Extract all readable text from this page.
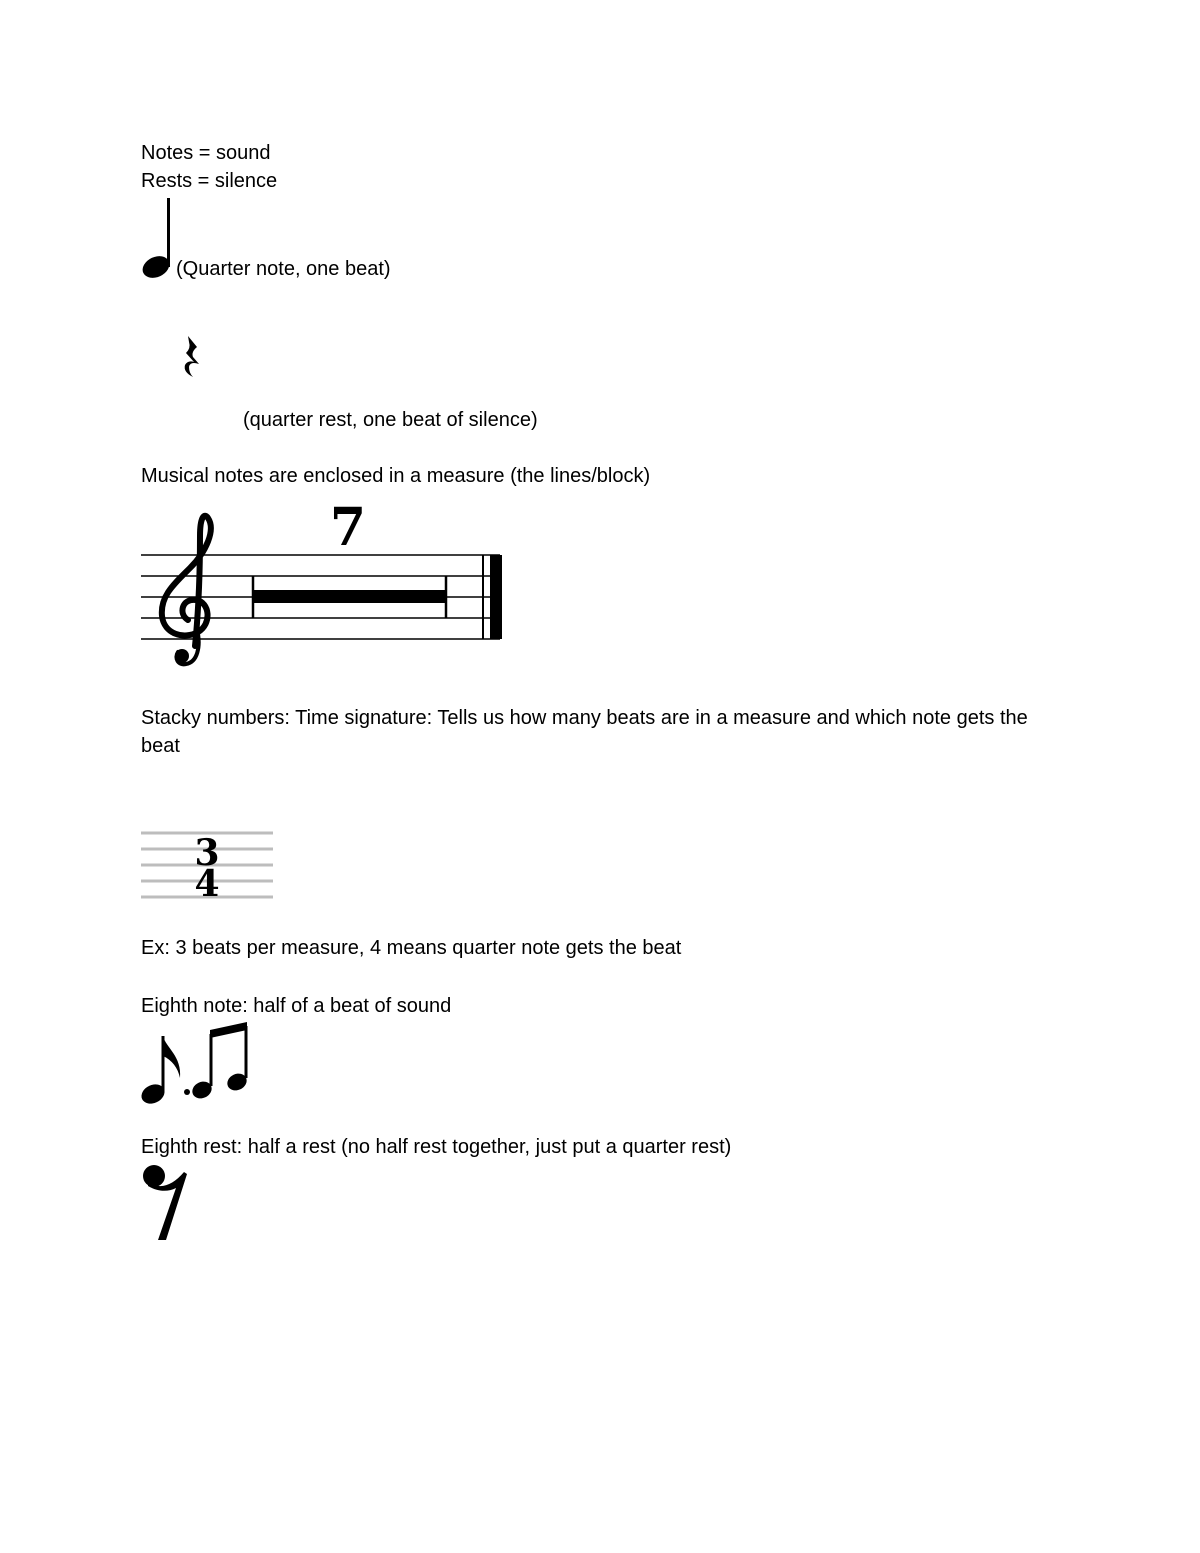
Notes = sound
Rests = silence
(Quarter note, one beat)
(quarter rest, one beat of silence)
Musical notes are enclosed in a measure (the lines/block)
7
Stacky numbers: Time signature: Tells us how many beats are in a measure and which note gets the beat
3
4
Ex: 3 beats per measure, 4 means quarter note gets the beat
Eighth note: half of a beat of sound
Eighth rest: half a rest (no half rest together, just put a quarter rest)
